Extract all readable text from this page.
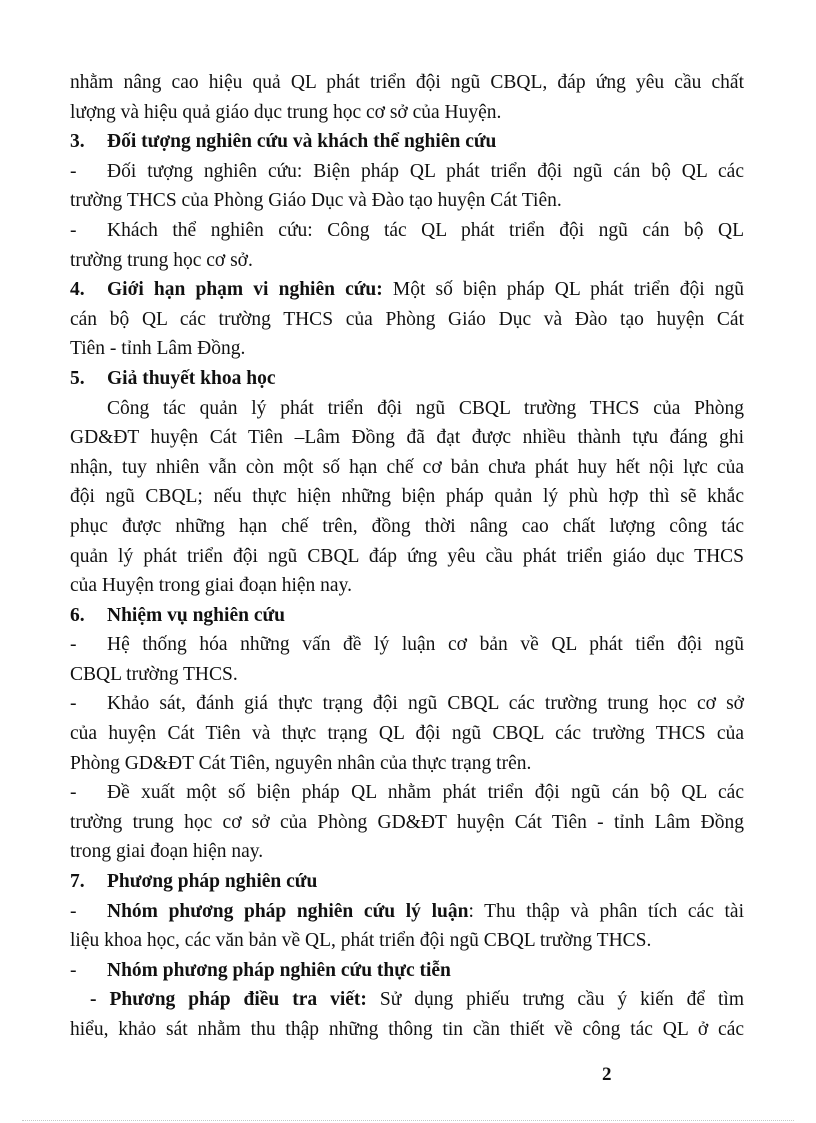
nhằm nâng cao hiệu quả QL phát triển đội ngũ CBQL, đáp ứng yêu cầu chất
lượng và hiệu quả giáo dục trung học cơ sở của Huyện.
3. Đối tượng nghiên cứu và khách thể nghiên cứu
- Đối tượng nghiên cứu: Biện pháp QL phát triển đội ngũ cán bộ QL các
trường THCS của Phòng Giáo Dục và Đào tạo huyện Cát Tiên.
- Khách thể nghiên cứu: Công tác QL phát triển đội ngũ cán bộ QL
trường trung học cơ sở.
4. Giới hạn phạm vi nghiên cứu: Một số biện pháp QL phát triển đội ngũ
cán bộ QL các trường THCS của Phòng Giáo Dục và Đào tạo huyện Cát
Tiên - tỉnh Lâm Đồng.
5. Giả thuyết khoa học
Công tác quản lý phát triển đội ngũ CBQL trường THCS của Phòng
GD&ĐT huyện Cát Tiên –Lâm Đồng đã đạt được nhiều thành tựu đáng ghi
nhận, tuy nhiên vẫn còn một số hạn chế cơ bản chưa phát huy hết nội lực của
đội ngũ CBQL; nếu thực hiện những biện pháp quản lý phù hợp thì sẽ khắc
phục được những hạn chế trên, đồng thời nâng cao chất lượng công tác
quản lý phát triển đội ngũ CBQL đáp ứng yêu cầu phát triển giáo dục THCS
của Huyện trong giai đoạn hiện nay.
6. Nhiệm vụ nghiên cứu
- Hệ thống hóa những vấn đề lý luận cơ bản về QL phát tiển đội ngũ
CBQL trường THCS.
- Khảo sát, đánh giá thực trạng đội ngũ CBQL các trường trung học cơ sở
của huyện Cát Tiên và thực trạng QL đội ngũ CBQL các trường THCS của
Phòng GD&ĐT Cát Tiên, nguyên nhân của thực trạng trên.
- Đề xuất một số biện pháp QL nhằm phát triển đội ngũ cán bộ QL các
trường trung học cơ sở của Phòng GD&ĐT huyện Cát Tiên - tỉnh Lâm Đồng
trong giai đoạn hiện nay.
7. Phương pháp nghiên cứu
- Nhóm phương pháp nghiên cứu lý luận: Thu thập và phân tích các tài
liệu khoa học, các văn bản về QL, phát triển đội ngũ CBQL trường THCS.
- Nhóm phương pháp nghiên cứu thực tiễn
- Phương pháp điều tra viết: Sử dụng phiếu trưng cầu ý kiến để tìm
hiểu, khảo sát nhằm thu thập những thông tin cần thiết về công tác QL ở các
2
